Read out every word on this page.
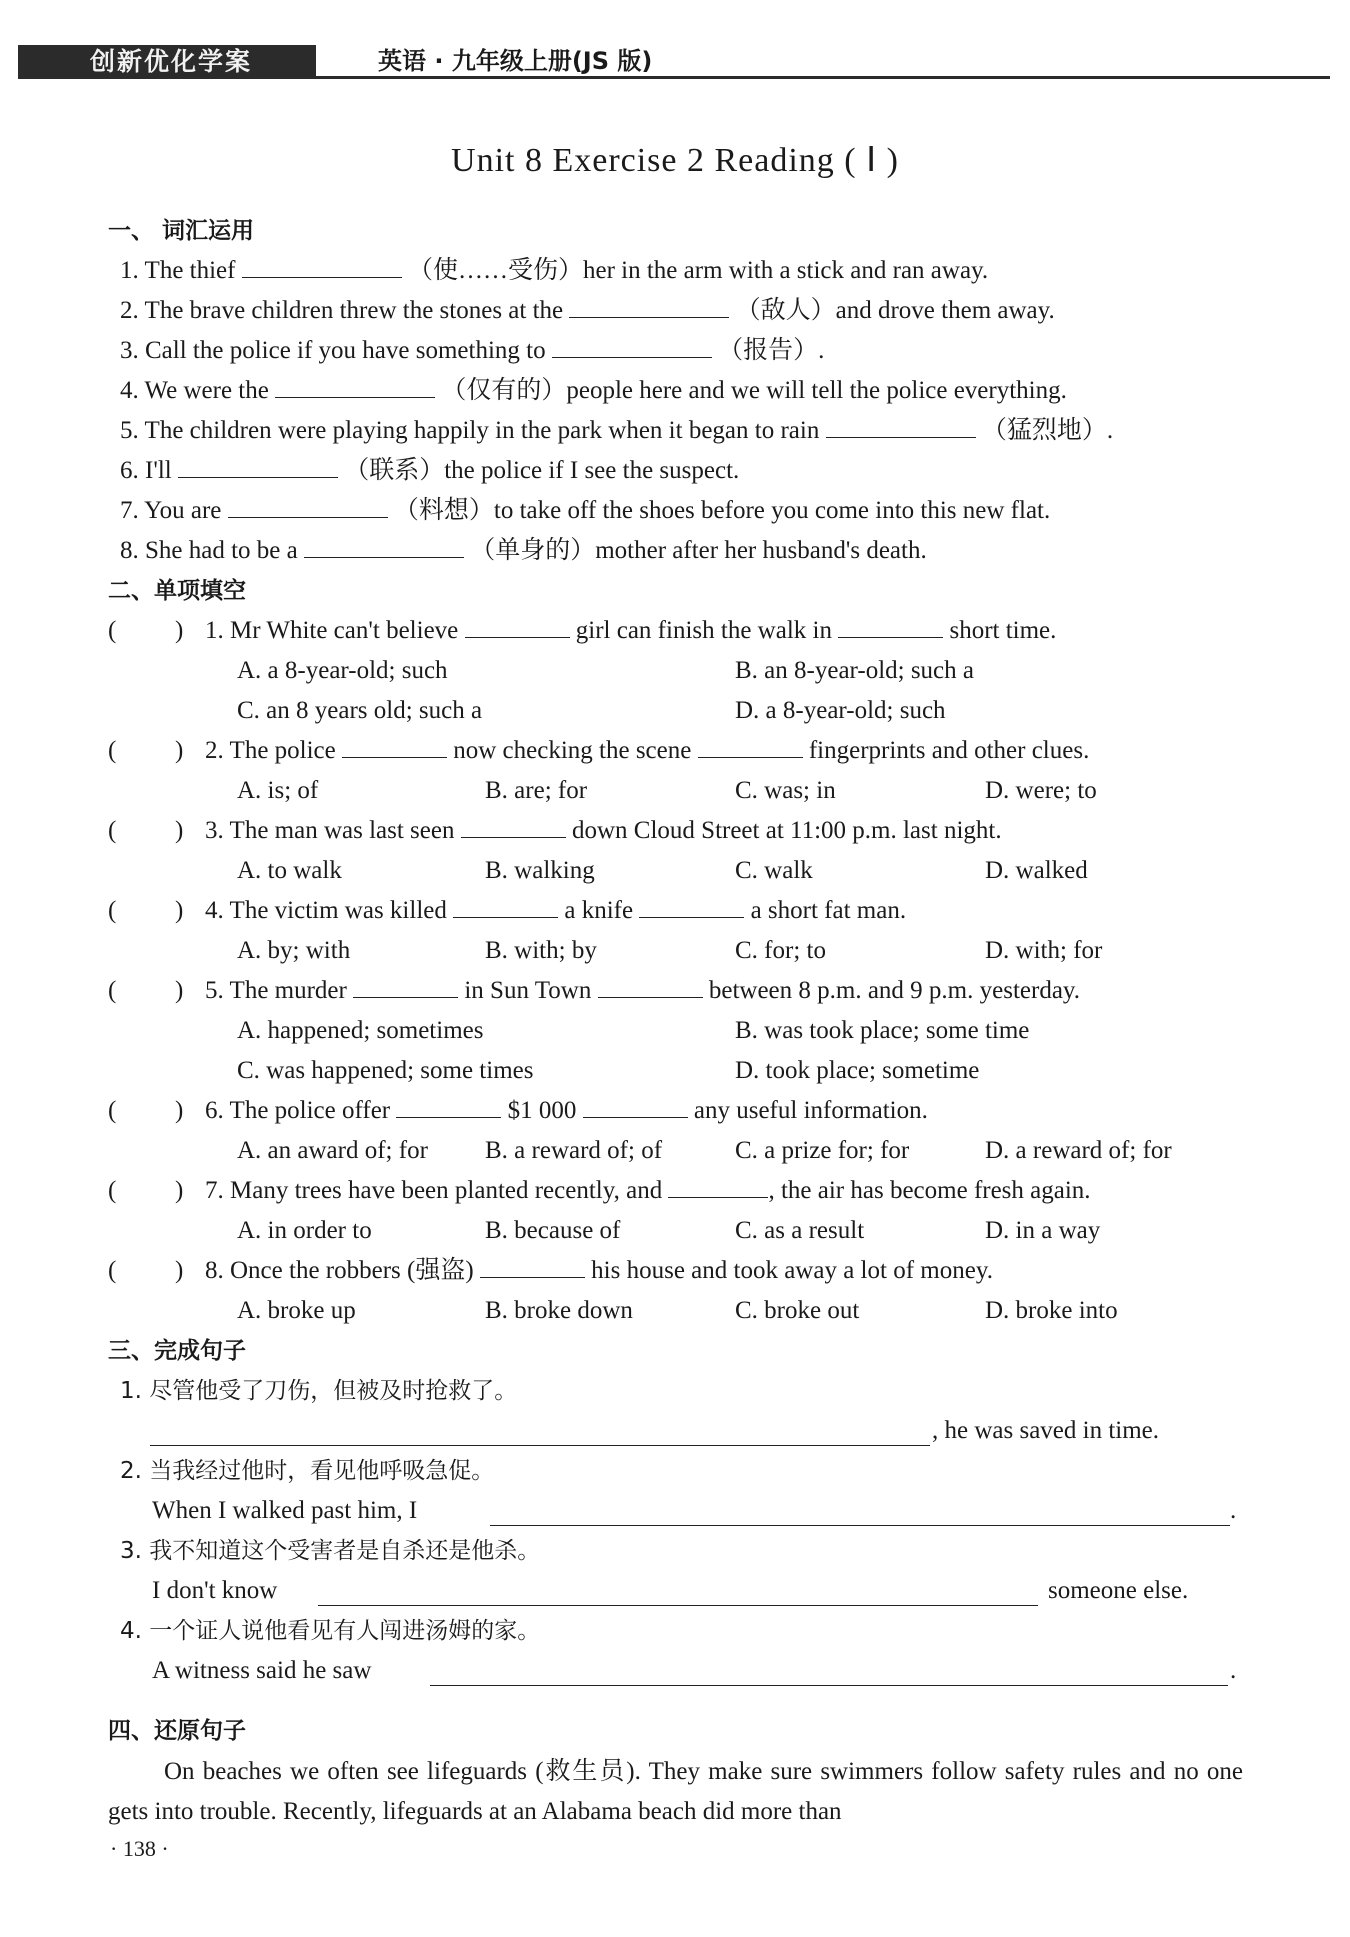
创新优化学案	英语 · 九年级上册(JS 版)
Unit 8 Exercise 2 Reading ( Ⅰ )
一、 词汇运用
1. The thief	（使……受伤）her in the arm with a stick and ran away.
2. The brave children threw the stones at the	（敌人）and drove them away.
3. Call the police if you have something to	（报告）.
4. We were the	（仅有的）people here and we will tell the police everything.
5. The children were playing happily in the park when it began to rain	（猛烈地）.
6. I'll	（联系）the police if I see the suspect.
7. You are	（料想）to take off the shoes before you come into this new flat.
8. She had to be a	（单身的）mother after her husband's death.
二、单项填空
( ) 1. Mr White can't believe	girl can finish the walk in	short time.
A. a 8-year-old; such	B. an 8-year-old; such a
C. an 8 years old; such a	D. a 8-year-old; such
( ) 2. The police	now checking the scene	fingerprints and other clues.
A. is; of	B. are; for	C. was; in	D. were; to
( ) 3. The man was last seen	down Cloud Street at 11:00 p.m. last night.
A. to walk	B. walking	C. walk	D. walked
( ) 4. The victim was killed	a knife	a short fat man.
A. by; with	B. with; by	C. for; to	D. with; for
( ) 5. The murder	in Sun Town	between 8 p.m. and 9 p.m. yesterday.
A. happened; sometimes	B. was took place; some time
C. was happened; some times	D. took place; sometime
( ) 6. The police offer	$1 000	any useful information.
A. an award of; for B. a reward of; of	C. a prize for; for	D. a reward of; for
( ) 7. Many trees have been planted recently, and	, the air has become fresh again.
A. in order to	B. because of	C. as a result	D. in a way
( ) 8. Once the robbers (强盗)	his house and took away a lot of money.
A. broke up	B. broke down	C. broke out	D. broke into
三、完成句子
1. 尽管他受了刀伤，但被及时抢救了。
, he was saved in time.
2. 当我经过他时，看见他呼吸急促。
When I walked past him, I	.
3. 我不知道这个受害者是自杀还是他杀。
I don't know	someone else.
4. 一个证人说他看见有人闯进汤姆的家。
A witness said he saw	.
四、还原句子
On beaches we often see lifeguards (救生员). They make sure swimmers follow safety rules and no one gets into trouble. Recently, lifeguards at an Alabama beach did more than
· 138 ·
